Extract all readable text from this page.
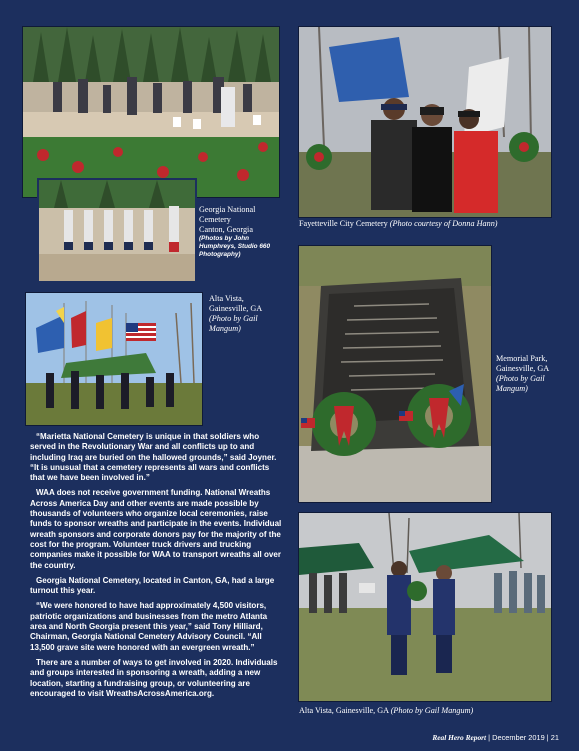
Georgia National
Cemetery
Canton, Georgia
(Photos by John
Humphreys, Studio 660
Photography)
Fayetteville City Cemetery (Photo courtesy of Donna Hann)
Alta Vista,
Gainesville, GA
(Photo by Gail
Mangum)
Memorial Park,
Gainesville, GA
(Photo by Gail
Mangum)
Alta Vista, Gainesville, GA (Photo by Gail Mangum)

“Marietta National Cemetery is unique in that soldiers who served in the Revolutionary War and all conflicts up to and including Iraq are buried on the hallowed grounds,” said Joyner. “It is unusual that a cemetery represents all wars and conflicts that we have been involved in.”

WAA does not receive government funding. National Wreaths Across America Day and other events are made possible by thousands of volunteers who organize local ceremonies, raise funds to sponsor wreaths and participate in the events. Individual wreath sponsors and corporate donors pay for the majority of the cost for the program. Volunteer truck drivers and trucking companies make it possible for WAA to transport wreaths all over the country.

Georgia National Cemetery, located in Canton, GA, had a large turnout this year.

“We were honored to have had approximately 4,500 visitors, patriotic organizations and businesses from the metro Atlanta area and North Georgia present this year,” said Tony Hilliard, Chairman, Georgia National Cemetery Advisory Council. “All 13,500 grave site were honored with an evergreen wreath.”

There are a number of ways to get involved in 2020. Individuals and groups interested in sponsoring a wreath, adding a new location, starting a fundraising group, or volunteering are encouraged to visit WreathsAcrossAmerica.org.

Real Hero Report | December 2019 | 21
